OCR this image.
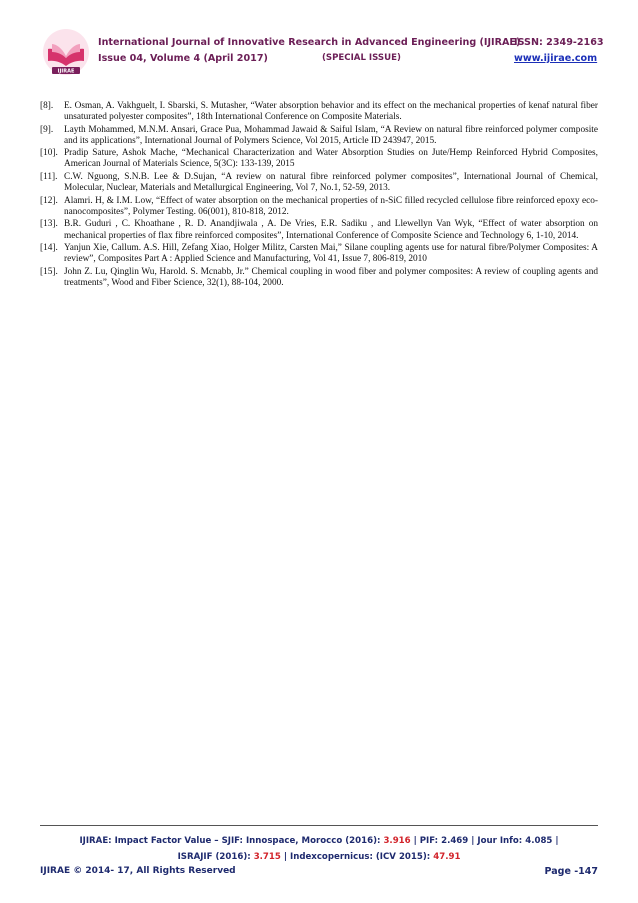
IJIRAE
International Journal of Innovative Research in Advanced Engineering (IJIRAE)
ISSN: 2349-2163
Issue 04, Volume 4 (April 2017)	(SPECIAL ISSUE)	www.ijirae.com
[8]. E. Osman, A. Vakhguelt, I. Sbarski, S. Mutasher, “Water absorption behavior and its effect on the mechanical properties of kenaf natural fiber unsaturated polyester composites”, 18th International Conference on Composite Materials.
[9]. Layth Mohammed, M.N.M. Ansari, Grace Pua, Mohammad Jawaid & Saiful Islam, “A Review on natural fibre reinforced polymer composite and its applications”, International Journal of Polymers Science, Vol 2015, Article ID 243947, 2015.
[10]. Pradip Sature, Ashok Mache, “Mechanical Characterization and Water Absorption Studies on Jute/Hemp Reinforced Hybrid Composites, American Journal of Materials Science, 5(3C): 133-139, 2015
[11]. C.W. Nguong, S.N.B. Lee & D.Sujan, “A review on natural fibre reinforced polymer composites”, International Journal of Chemical, Molecular, Nuclear, Materials and Metallurgical Engineering, Vol 7, No.1, 52-59, 2013.
[12]. Alamri. H, & I.M. Low, “Effect of water absorption on the mechanical properties of n-SiC filled recycled cellulose fibre reinforced epoxy eco-nanocomposites”, Polymer Testing. 06(001), 810-818, 2012.
[13]. B.R. Guduri , C. Khoathane , R. D. Anandjiwala , A. De Vries, E.R. Sadiku , and Llewellyn Van Wyk, “Effect of water absorption on mechanical properties of flax fibre reinforced composites”, International Conference of Composite Science and Technology 6, 1-10, 2014.
[14]. Yanjun Xie, Callum. A.S. Hill, Zefang Xiao, Holger Militz, Carsten Mai,” Silane coupling agents use for natural fibre/Polymer Composites: A review”, Composites Part A : Applied Science and Manufacturing, Vol 41, Issue 7, 806-819, 2010
[15]. John Z. Lu, Qinglin Wu, Harold. S. Mcnabb, Jr.” Chemical coupling in wood fiber and polymer composites: A review of coupling agents and treatments”, Wood and Fiber Science, 32(1), 88-104, 2000.
IJIRAE: Impact Factor Value – SJIF: Innospace, Morocco (2016): 3.916 | PIF: 2.469 | Jour Info: 4.085 |
ISRAJIF (2016): 3.715 | Indexcopernicus: (ICV 2015): 47.91
IJIRAE © 2014- 17, All Rights Reserved	Page -147
